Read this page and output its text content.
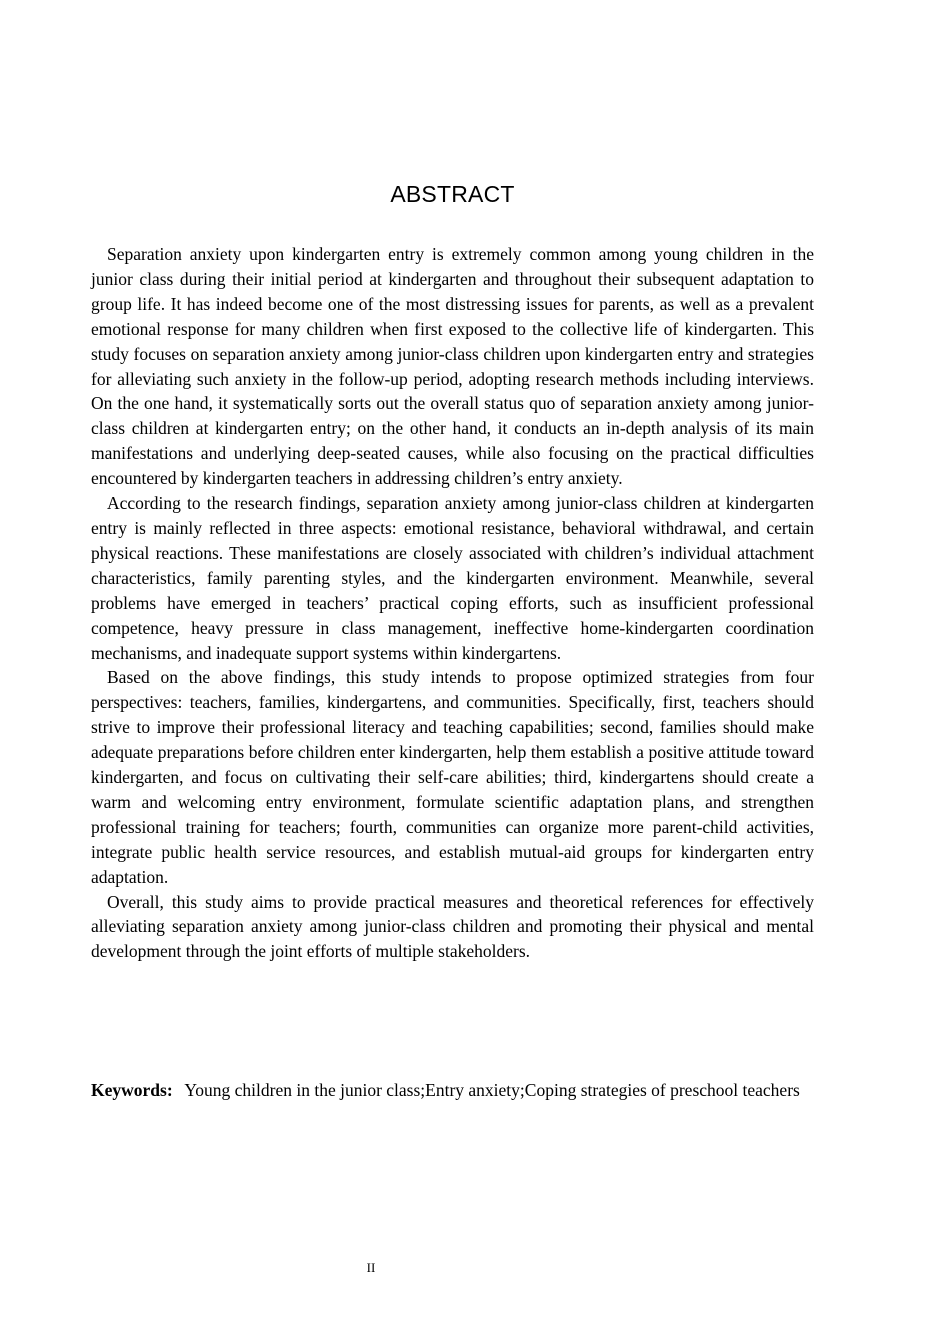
ABSTRACT

Separation anxiety upon kindergarten entry is extremely common among young children in the junior class during their initial period at kindergarten and throughout their subsequent adaptation to group life. It has indeed become one of the most distressing issues for parents, as well as a prevalent emotional response for many children when first exposed to the collective life of kindergarten. This study focuses on separation anxiety among junior-class children upon kindergarten entry and strategies for alleviating such anxiety in the follow-up period, adopting research methods including interviews. On the one hand, it systematically sorts out the overall status quo of separation anxiety among junior-class children at kindergarten entry; on the other hand, it conducts an in-depth analysis of its main manifestations and underlying deep-seated causes, while also focusing on the practical difficulties encountered by kindergarten teachers in addressing children’s entry anxiety.

According to the research findings, separation anxiety among junior-class children at kindergarten entry is mainly reflected in three aspects: emotional resistance, behavioral withdrawal, and certain physical reactions. These manifestations are closely associated with children’s individual attachment characteristics, family parenting styles, and the kindergarten environment. Meanwhile, several problems have emerged in teachers’ practical coping efforts, such as insufficient professional competence, heavy pressure in class management, ineffective home-kindergarten coordination mechanisms, and inadequate support systems within kindergartens.

Based on the above findings, this study intends to propose optimized strategies from four perspectives: teachers, families, kindergartens, and communities. Specifically, first, teachers should strive to improve their professional literacy and teaching capabilities; second, families should make adequate preparations before children enter kindergarten, help them establish a positive attitude toward kindergarten, and focus on cultivating their self-care abilities; third, kindergartens should create a warm and welcoming entry environment, formulate scientific adaptation plans, and strengthen professional training for teachers; fourth, communities can organize more parent-child activities, integrate public health service resources, and establish mutual-aid groups for kindergarten entry adaptation.

Overall, this study aims to provide practical measures and theoretical references for effectively alleviating separation anxiety among junior-class children and promoting their physical and mental development through the joint efforts of multiple stakeholders.

Keywords: Young children in the junior class;Entry anxiety;Coping strategies of preschool teachers
II
